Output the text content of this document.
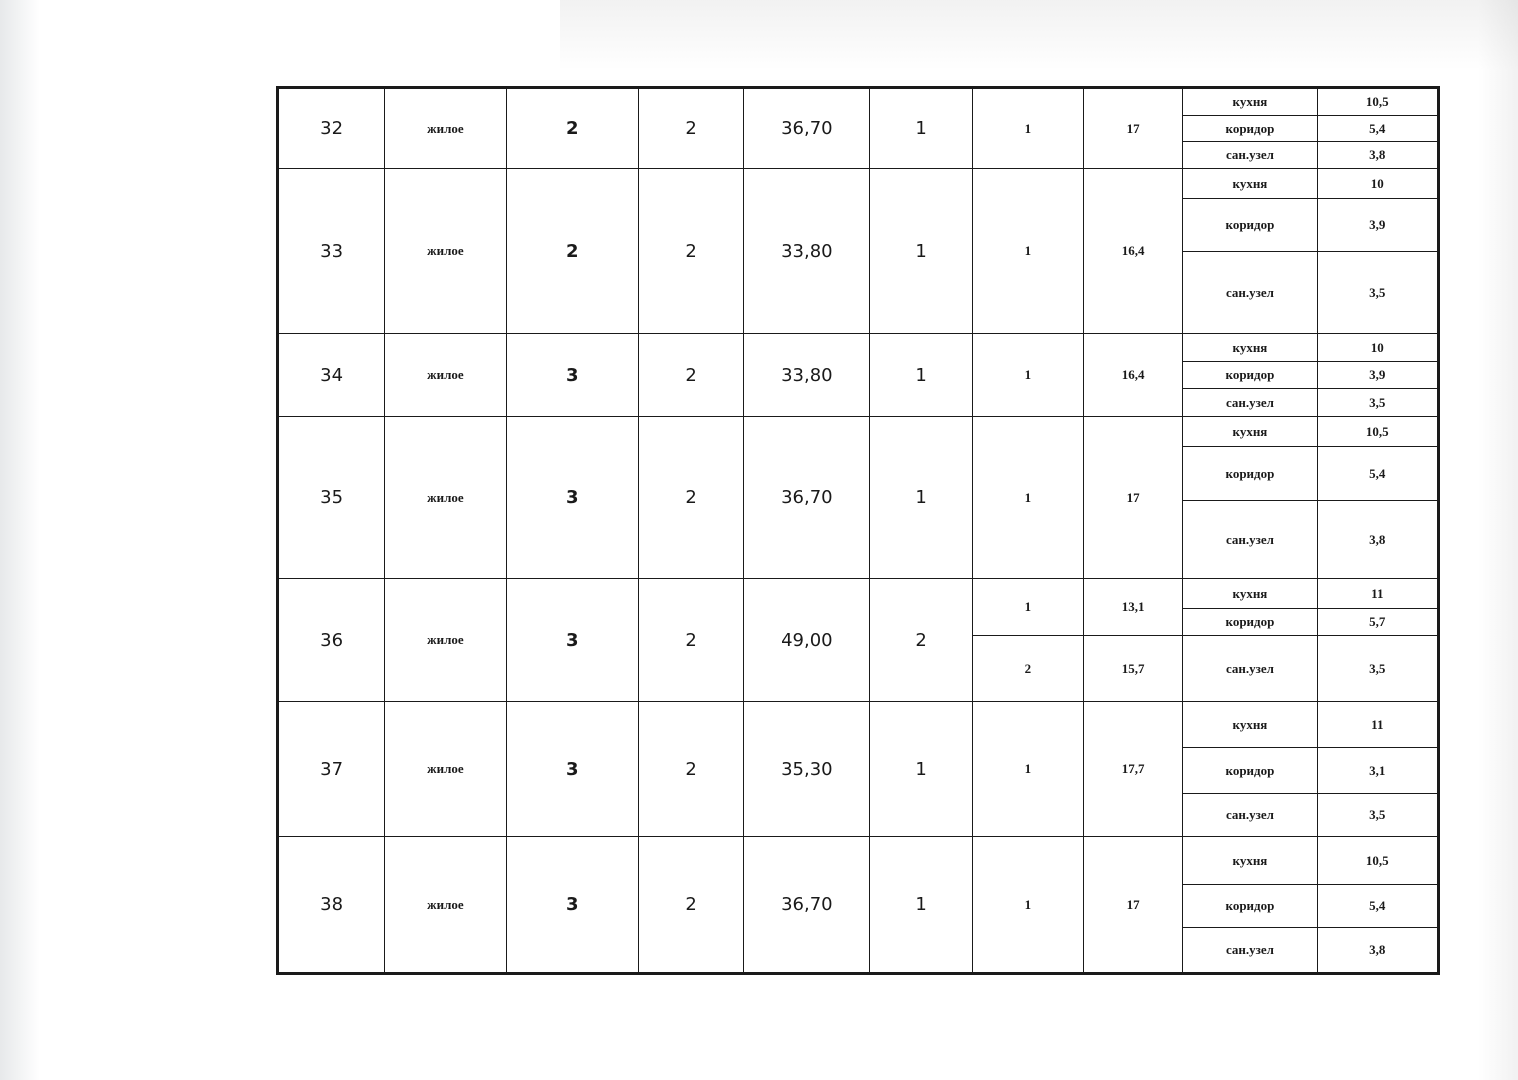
32	жилое	2	2	36,70	1	1	17	кухня	10,5
								коридор	5,4
								сан.узел	3,8
33	жилое	2	2	33,80	1	1	16,4	кухня	10
								коридор	3,9
								сан.узел	3,5
34	жилое	3	2	33,80	1	1	16,4	кухня	10
								коридор	3,9
								сан.узел	3,5
35	жилое	3	2	36,70	1	1	17	кухня	10,5
								коридор	5,4
								сан.узел	3,8
36	жилое	3	2	49,00	2	1	13,1	кухня	11
								коридор	5,7
						2	15,7	сан.узел	3,5
37	жилое	3	2	35,30	1	1	17,7	кухня	11
								коридор	3,1
								сан.узел	3,5
38	жилое	3	2	36,70	1	1	17	кухня	10,5
								коридор	5,4
								сан.узел	3,8
